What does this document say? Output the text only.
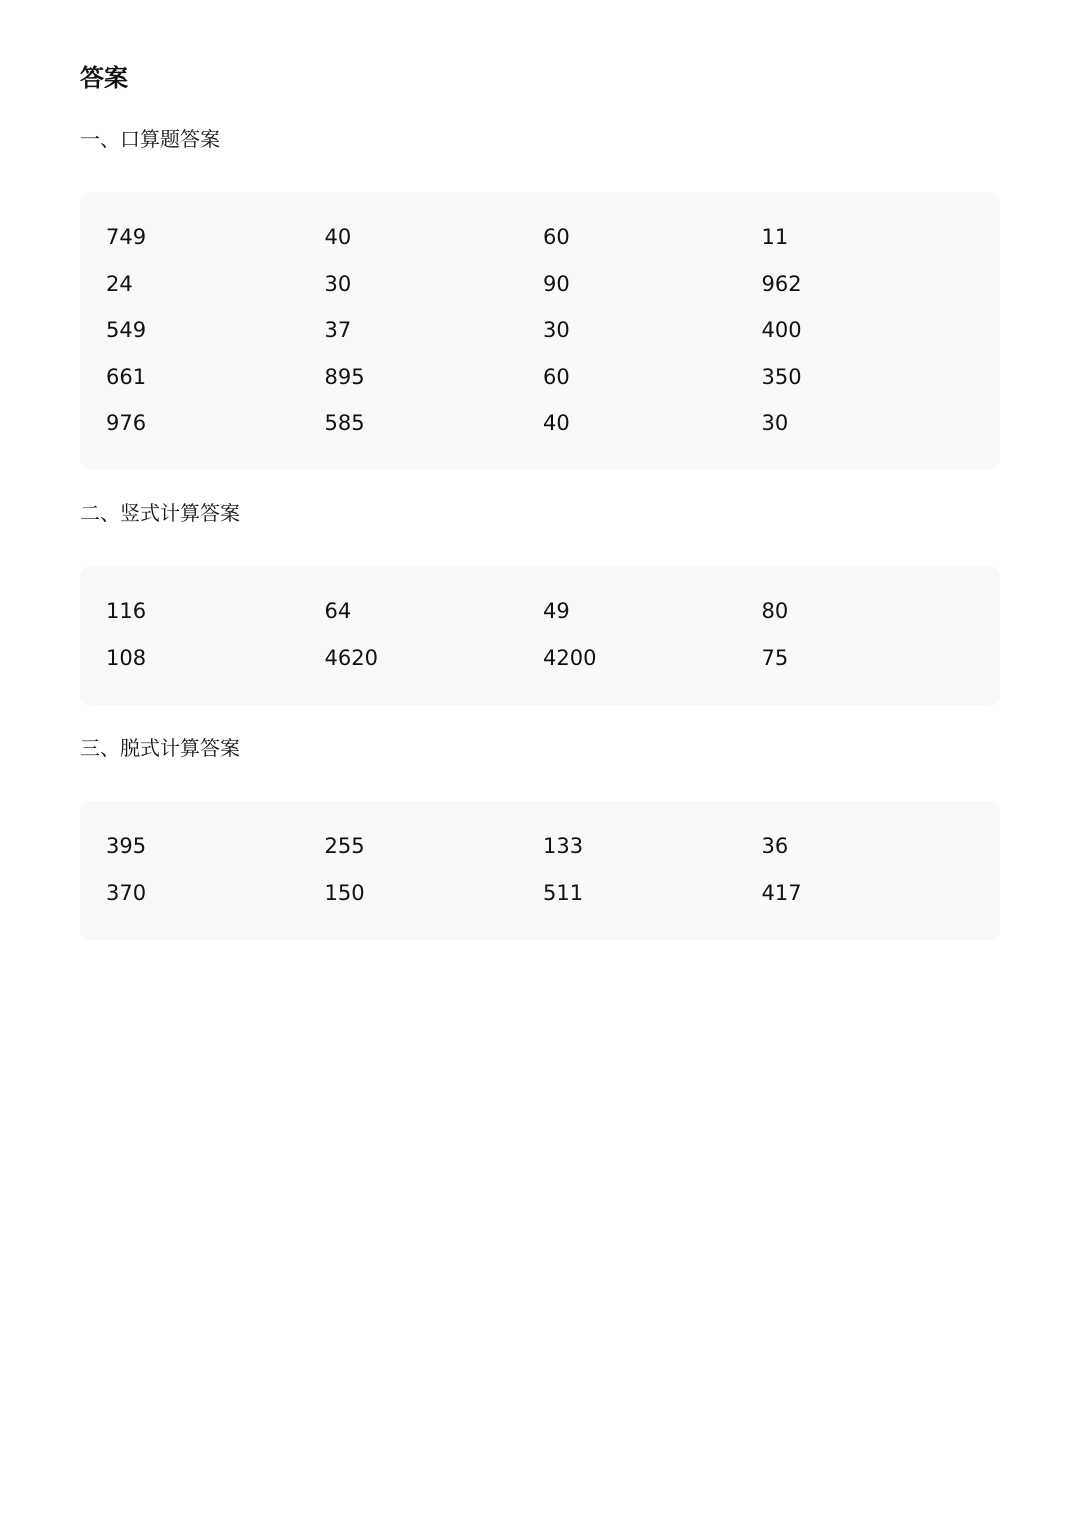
答案
一、口算题答案
749	40	60	11
24	30	90	962
549	37	30	400
661	895	60	350
976	585	40	30
二、竖式计算答案
116	64	49	80
108	4620	4200	75
三、脱式计算答案
395	255	133	36
370	150	511	417
